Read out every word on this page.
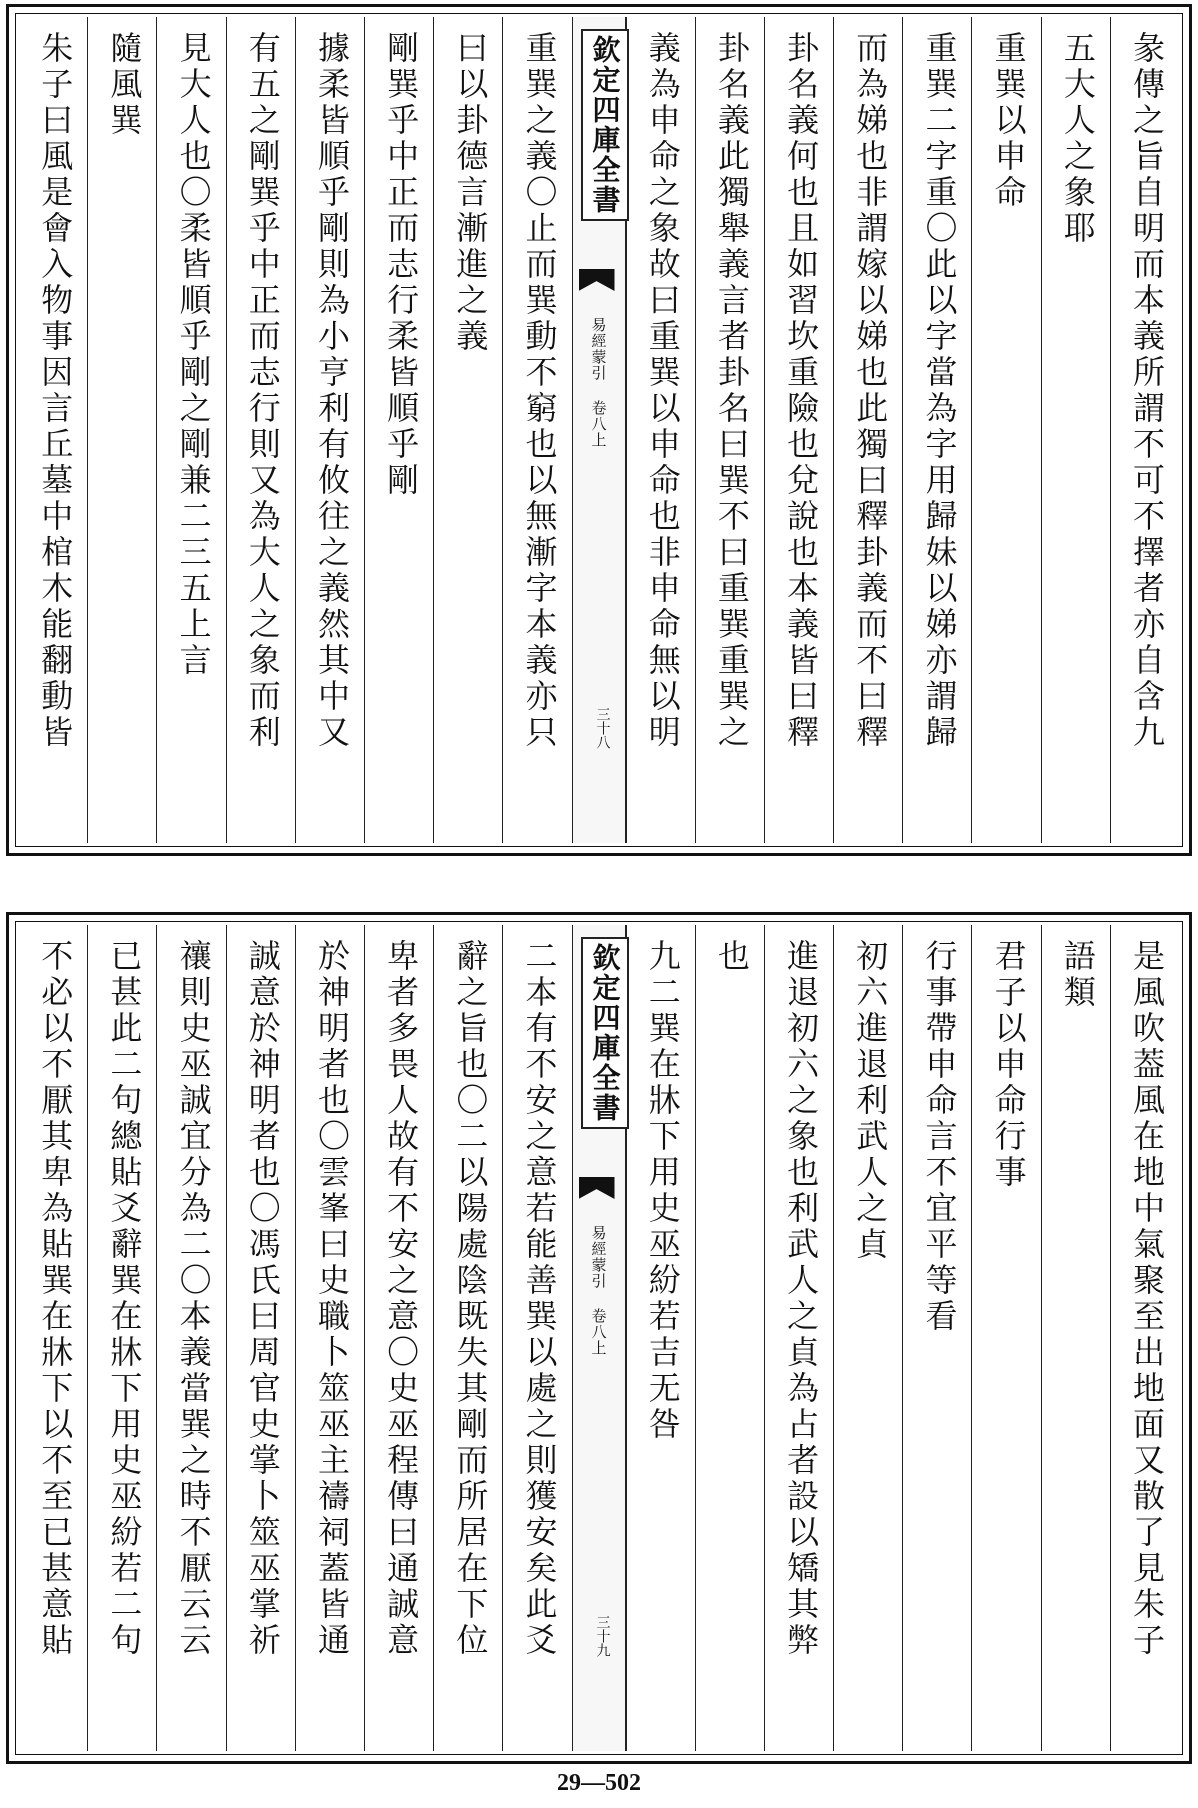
彖傳之旨自明而本義所謂不可不擇者亦自含九
五大人之象耶
重巽以申命
重巽二字重〇此以字當為字用歸妹以娣亦謂歸
而為娣也非謂嫁以娣也此獨曰釋卦義而不曰釋
卦名義何也且如習坎重險也兌說也本義皆曰釋
卦名義此獨舉義言者卦名曰巽不曰重巽重巽之
義為申命之象故曰重巽以申命也非申命無以明
欽定四庫全書
易經蒙引 卷八上
三十八
重巽之義〇止而巽動不窮也以無漸字本義亦只
曰以卦德言漸進之義
剛巽乎中正而志行柔皆順乎剛
據柔皆順乎剛則為小亨利有攸往之義然其中又
有五之剛巽乎中正而志行則又為大人之象而利
見大人也〇柔皆順乎剛之剛兼二三五上言
隨風巽
朱子曰風是會入物事因言丘墓中棺木能翻動皆
是風吹葢風在地中氣聚至出地面又散了見朱子
語類
君子以申命行事
行事帶申命言不宜平等看
初六進退利武人之貞
進退初六之象也利武人之貞為占者設以矯其弊
也
九二巽在牀下用史巫紛若吉无咎
欽定四庫全書
易經蒙引 卷八上
三十九
二本有不安之意若能善巽以處之則獲安矣此爻
辭之旨也〇二以陽處陰既失其剛而所居在下位
卑者多畏人故有不安之意〇史巫程傳曰通誠意
於神明者也〇雲峯曰史職卜筮巫主禱祠蓋皆通
誠意於神明者也〇馮氏曰周官史掌卜筮巫掌祈
禳則史巫誠宜分為二〇本義當巽之時不厭云云
已甚此二句總貼爻辭巽在牀下用史巫紛若二句
不必以不厭其卑為貼巽在牀下以不至已甚意貼
29—502
